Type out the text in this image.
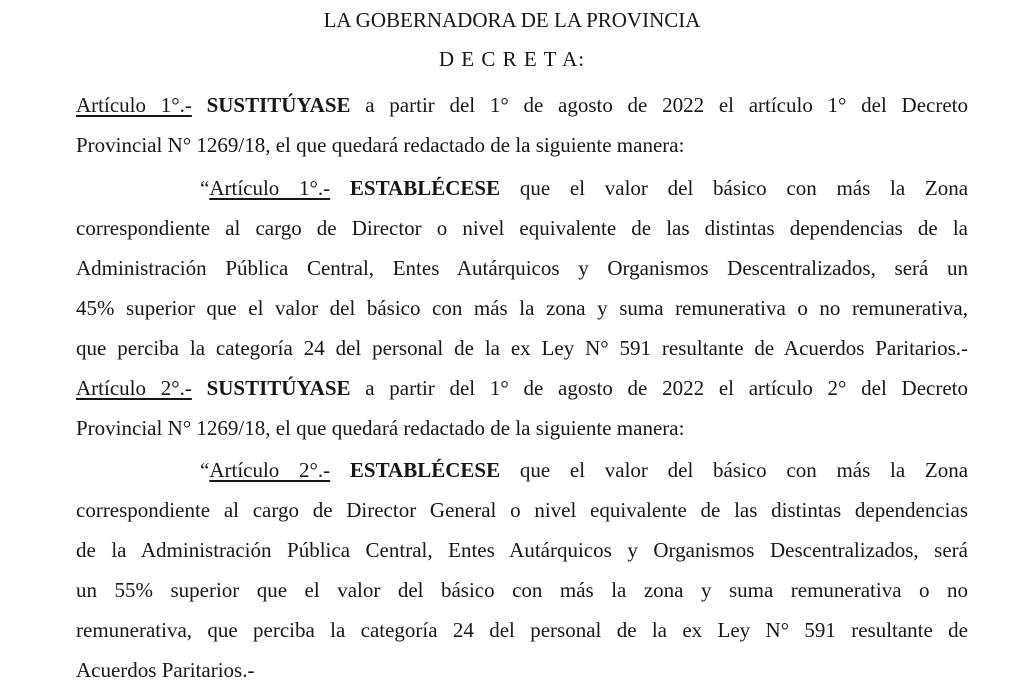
LA GOBERNADORA DE LA PROVINCIA
D E C R E T A:
Artículo 1°.- SUSTITÚYASE a partir del 1° de agosto de 2022 el artículo 1° del Decreto
Provincial N° 1269/18, el que quedará redactado de la siguiente manera:
“Artículo 1°.- ESTABLÉCESE que el valor del básico con más la Zona
correspondiente al cargo de Director o nivel equivalente de las distintas dependencias de la
Administración Pública Central, Entes Autárquicos y Organismos Descentralizados, será un
45% superior que el valor del básico con más la zona y suma remunerativa o no remunerativa,
que perciba la categoría 24 del personal de la ex Ley N° 591 resultante de Acuerdos Paritarios.-
Artículo 2°.- SUSTITÚYASE a partir del 1° de agosto de 2022 el artículo 2° del Decreto
Provincial N° 1269/18, el que quedará redactado de la siguiente manera:
“Artículo 2°.- ESTABLÉCESE que el valor del básico con más la Zona
correspondiente al cargo de Director General o nivel equivalente de las distintas dependencias
de la Administración Pública Central, Entes Autárquicos y Organismos Descentralizados, será
un 55% superior que el valor del básico con más la zona y suma remunerativa o no
remunerativa, que perciba la categoría 24 del personal de la ex Ley N° 591 resultante de
Acuerdos Paritarios.-
